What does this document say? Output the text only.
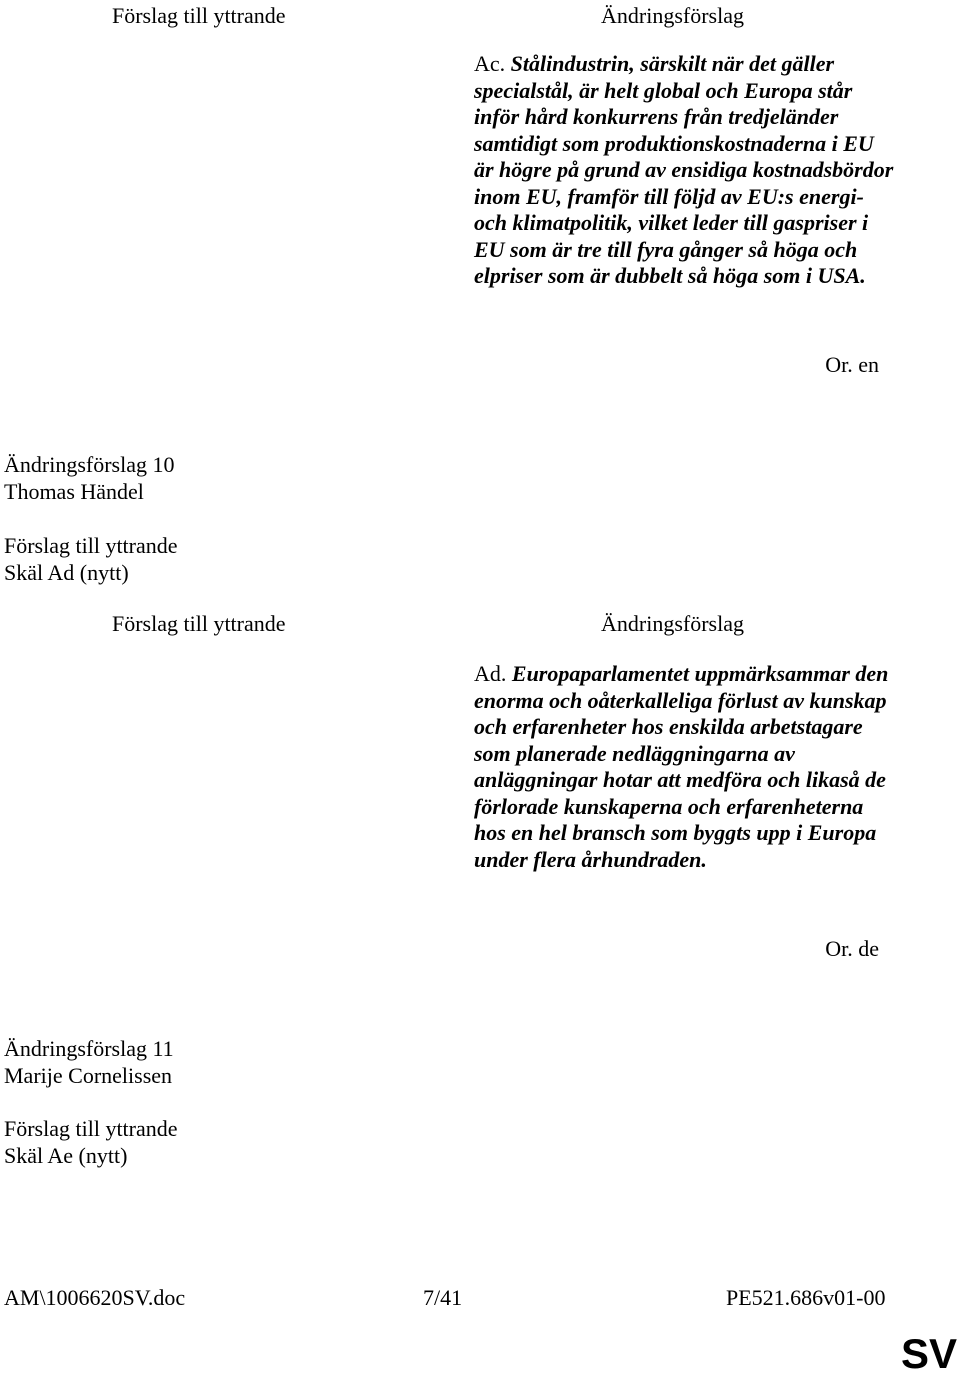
Förslag till yttrande	Ändringsförslag
Ac. Stålindustrin, särskilt när det gäller specialstål, är helt global och Europa står inför hård konkurrens från tredjeländer samtidigt som produktionskostnaderna i EU är högre på grund av ensidiga kostnadsbördor inom EU, framför till följd av EU:s energi- och klimatpolitik, vilket leder till gaspriser i EU som är tre till fyra gånger så höga och elpriser som är dubbelt så höga som i USA.
Or. en
Ändringsförslag 10
Thomas Händel
Förslag till yttrande
Skäl Ad (nytt)
Förslag till yttrande	Ändringsförslag
Ad. Europaparlamentet uppmärksammar den enorma och oåterkalleliga förlust av kunskap och erfarenheter hos enskilda arbetstagare som planerade nedläggningarna av anläggningar hotar att medföra och likaså de förlorade kunskaperna och erfarenheterna hos en hel bransch som byggts upp i Europa under flera århundraden.
Or. de
Ändringsförslag 11
Marije Cornelissen
Förslag till yttrande
Skäl Ae (nytt)
AM\1006620SV.doc	7/41	PE521.686v01-00
SV
